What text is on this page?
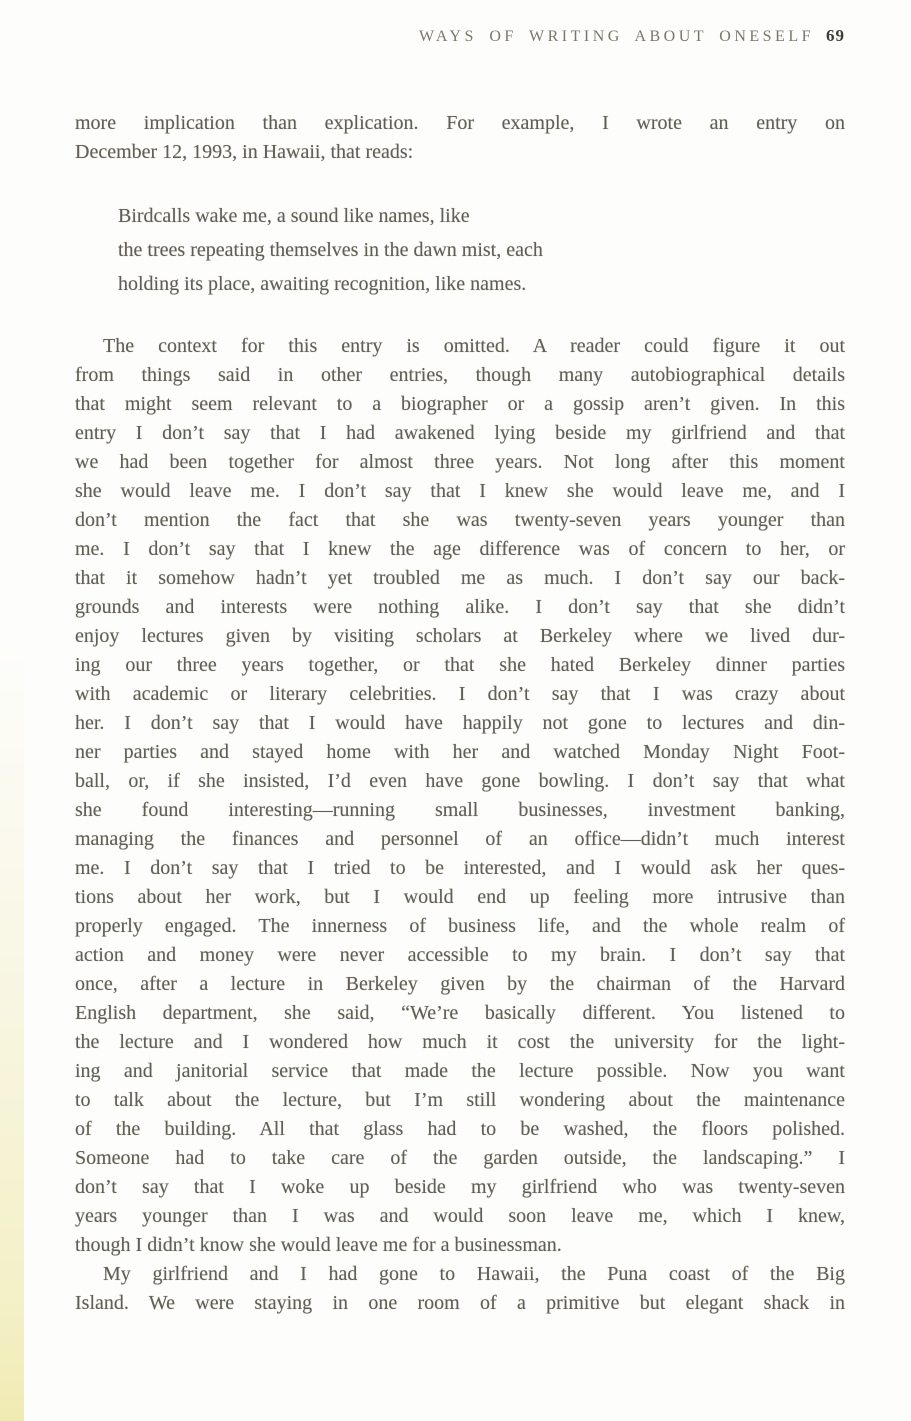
WAYS OF WRITING ABOUT ONESELF 69
more implication than explication. For example, I wrote an entry on
December 12, 1993, in Hawaii, that reads:
Birdcalls wake me, a sound like names, like
the trees repeating themselves in the dawn mist, each
holding its place, awaiting recognition, like names.
The context for this entry is omitted. A reader could figure it out
from things said in other entries, though many autobiographical details
that might seem relevant to a biographer or a gossip aren’t given. In this
entry I don’t say that I had awakened lying beside my girlfriend and that
we had been together for almost three years. Not long after this moment
she would leave me. I don’t say that I knew she would leave me, and I
don’t mention the fact that she was twenty-seven years younger than
me. I don’t say that I knew the age difference was of concern to her, or
that it somehow hadn’t yet troubled me as much. I don’t say our back-
grounds and interests were nothing alike. I don’t say that she didn’t
enjoy lectures given by visiting scholars at Berkeley where we lived dur-
ing our three years together, or that she hated Berkeley dinner parties
with academic or literary celebrities. I don’t say that I was crazy about
her. I don’t say that I would have happily not gone to lectures and din-
ner parties and stayed home with her and watched Monday Night Foot-
ball, or, if she insisted, I’d even have gone bowling. I don’t say that what
she found interesting—running small businesses, investment banking,
managing the finances and personnel of an office—didn’t much interest
me. I don’t say that I tried to be interested, and I would ask her ques-
tions about her work, but I would end up feeling more intrusive than
properly engaged. The innerness of business life, and the whole realm of
action and money were never accessible to my brain. I don’t say that
once, after a lecture in Berkeley given by the chairman of the Harvard
English department, she said, “We’re basically different. You listened to
the lecture and I wondered how much it cost the university for the light-
ing and janitorial service that made the lecture possible. Now you want
to talk about the lecture, but I’m still wondering about the maintenance
of the building. All that glass had to be washed, the floors polished.
Someone had to take care of the garden outside, the landscaping.” I
don’t say that I woke up beside my girlfriend who was twenty-seven
years younger than I was and would soon leave me, which I knew,
though I didn’t know she would leave me for a businessman.
My girlfriend and I had gone to Hawaii, the Puna coast of the Big
Island. We were staying in one room of a primitive but elegant shack in
